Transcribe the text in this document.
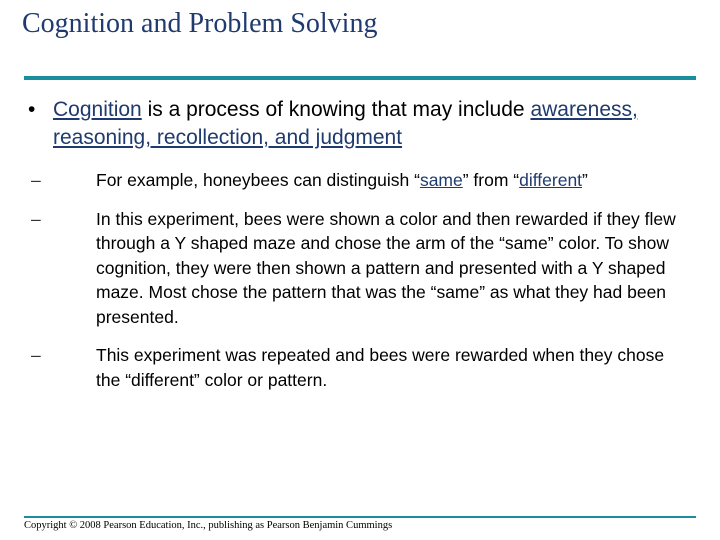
Cognition and Problem Solving
• Cognition is a process of knowing that may include awareness, reasoning, recollection, and judgment
–	For example, honeybees can distinguish “same” from “different”
–	In this experiment, bees were shown a color and then rewarded if they flew through a Y shaped maze and chose the arm of the “same” color. To show cognition, they were then shown a pattern and presented with a Y shaped maze. Most chose the pattern that was the “same” as what they had been presented.
–	This experiment was repeated and bees were rewarded when they chose the “different” color or pattern.
Copyright © 2008 Pearson Education, Inc., publishing as Pearson Benjamin Cummings
